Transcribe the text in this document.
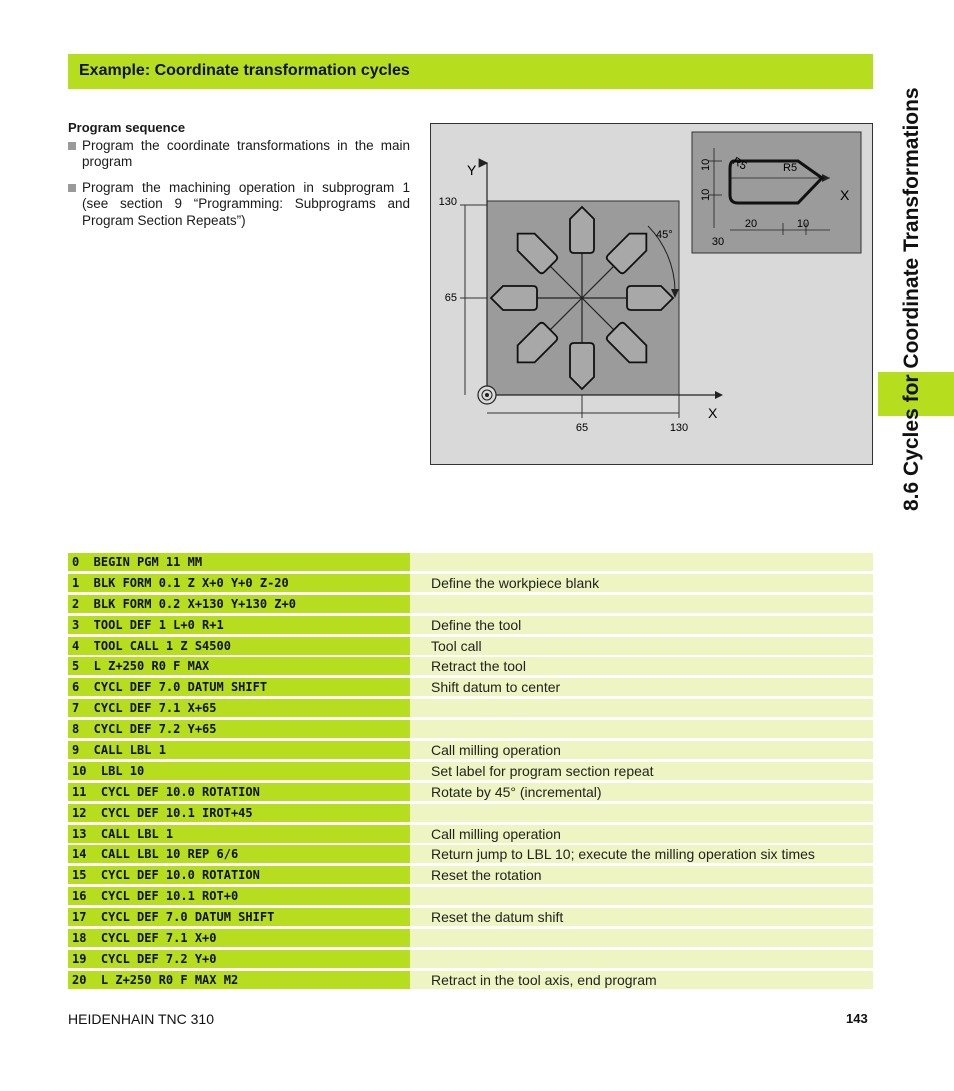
Example: Coordinate transformation cycles
8.6 Cycles for Coordinate Transformations
Program sequence
Program the coordinate transformations in the main program
Program the machining operation in subprogram 1 (see section 9 “Programming: Subprograms and Program Section Repeats”)
Y
X
130
65
65	130
45°
R5	R5
X
10
10
20	10
30
0  BEGIN PGM 11 MM
1  BLK FORM 0.1 Z X+0 Y+0 Z-20	Define the workpiece blank
2  BLK FORM 0.2 X+130 Y+130 Z+0
3  TOOL DEF 1 L+0 R+1	Define the tool
4  TOOL CALL 1 Z S4500	Tool call
5  L Z+250 R0 F MAX	Retract the tool
6  CYCL DEF 7.0 DATUM SHIFT	Shift datum to center
7  CYCL DEF 7.1 X+65
8  CYCL DEF 7.2 Y+65
9  CALL LBL 1	Call milling operation
10  LBL 10	Set label for program section repeat
11  CYCL DEF 10.0 ROTATION	Rotate by 45° (incremental)
12  CYCL DEF 10.1 IROT+45
13  CALL LBL 1	Call milling operation
14  CALL LBL 10 REP 6/6	Return jump to LBL 10; execute the milling operation six times
15  CYCL DEF 10.0 ROTATION	Reset the rotation
16  CYCL DEF 10.1 ROT+0
17  CYCL DEF 7.0 DATUM SHIFT	Reset the datum shift
18  CYCL DEF 7.1 X+0
19  CYCL DEF 7.2 Y+0
20  L Z+250 R0 F MAX M2	Retract in the tool axis, end program
HEIDENHAIN TNC 310	143
